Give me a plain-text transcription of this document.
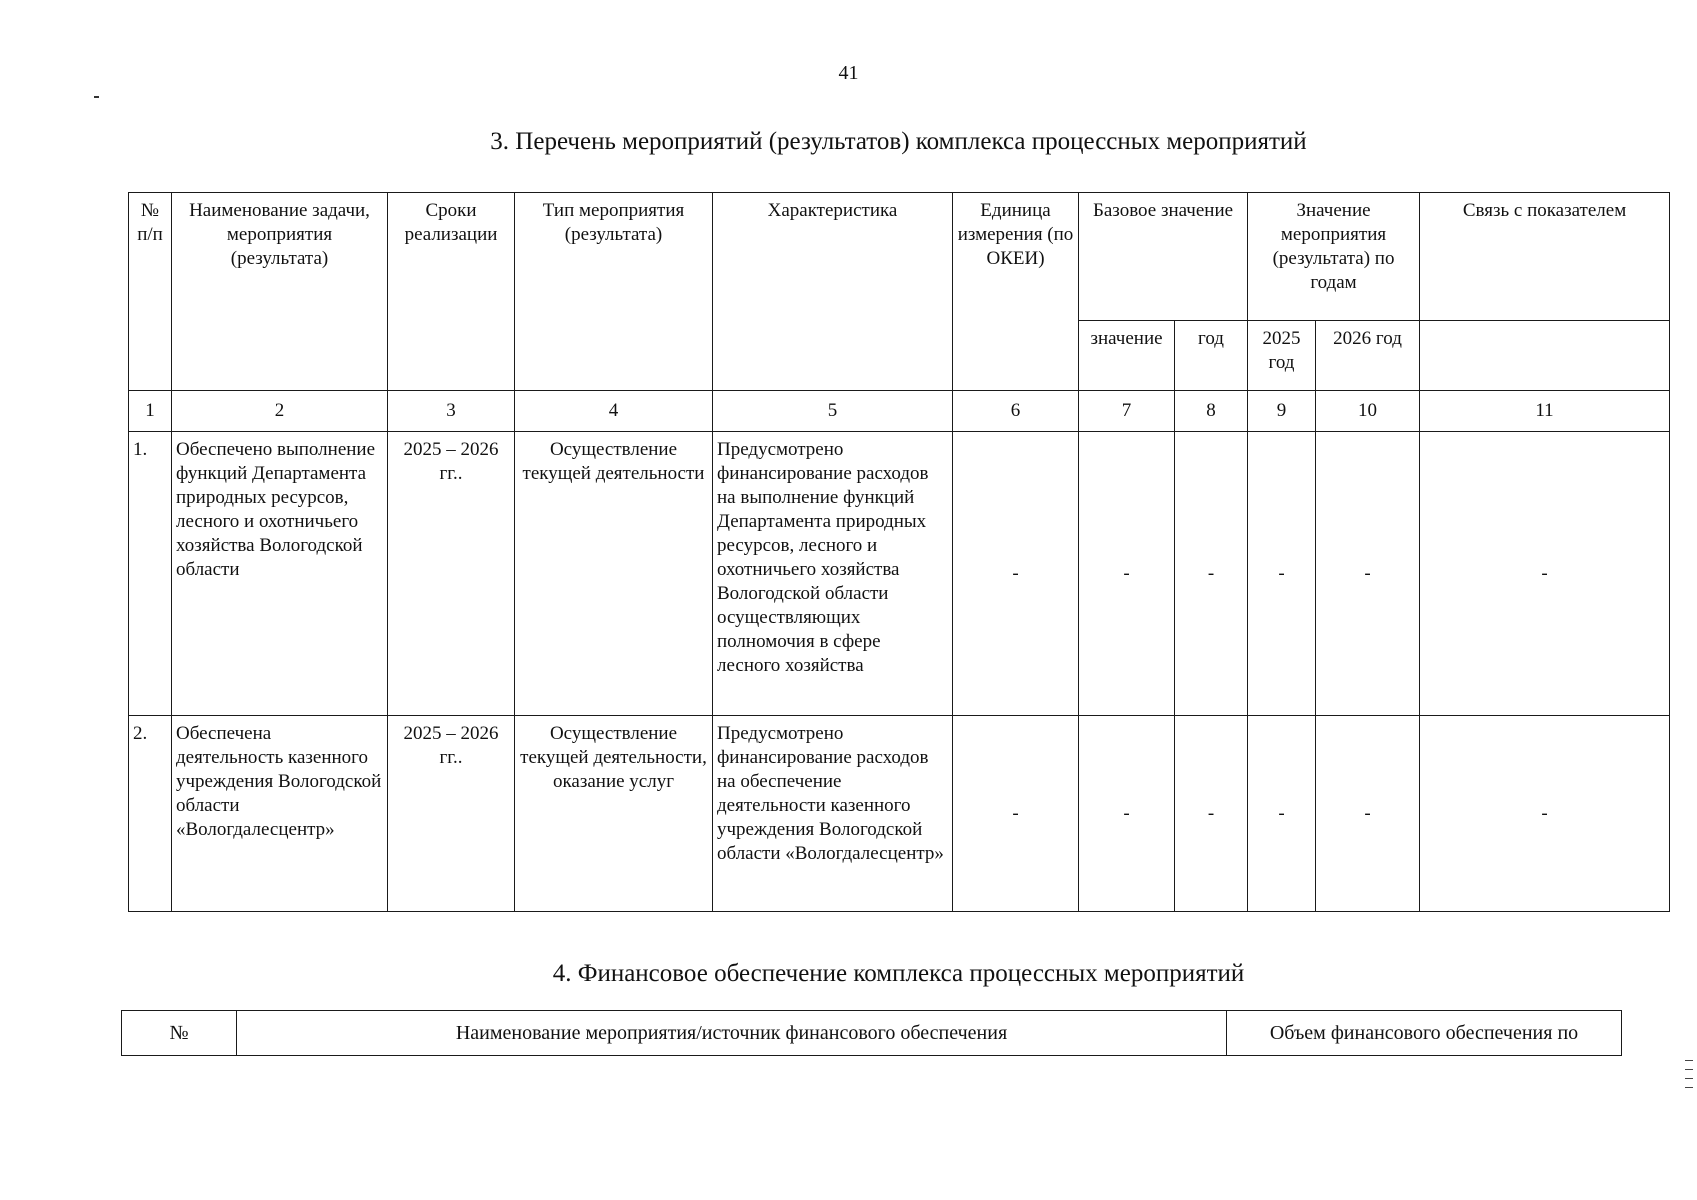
41
3. Перечень мероприятий (результатов) комплекса процессных мероприятий
№ п/п	Наименование задачи, мероприятия (результата)	Сроки реализации	Тип мероприятия (результата)	Характеристика	Единица измерения (по ОКЕИ)	Базовое значение		Значение мероприятия (результата) по годам		Связь с показателем
						значение	год	2025 год	2026 год	
1	2	3	4	5	6	7	8	9	10	11
1.	Обеспечено выполнение функций Департамента природных ресурсов, лесного и охотничьего хозяйства Вологодской области	2025 – 2026 гг..	Осуществление текущей деятельности	Предусмотрено финансирование расходов на выполнение функций Департамента природных ресурсов, лесного и охотничьего хозяйства Вологодской области осуществляющих полномочия в сфере лесного хозяйства	-	-	-	-	-	-
2.	Обеспечена деятельность казенного учреждения Вологодской области «Вологдалесцентр»	2025 – 2026 гг..	Осуществление текущей деятельности, оказание услуг	Предусмотрено финансирование расходов на обеспечение деятельности казенного учреждения Вологодской области «Вологдалесцентр»	-	-	-	-	-	-
4. Финансовое обеспечение комплекса процессных мероприятий
№	Наименование мероприятия/источник финансового обеспечения	Объем финансового обеспечения по
